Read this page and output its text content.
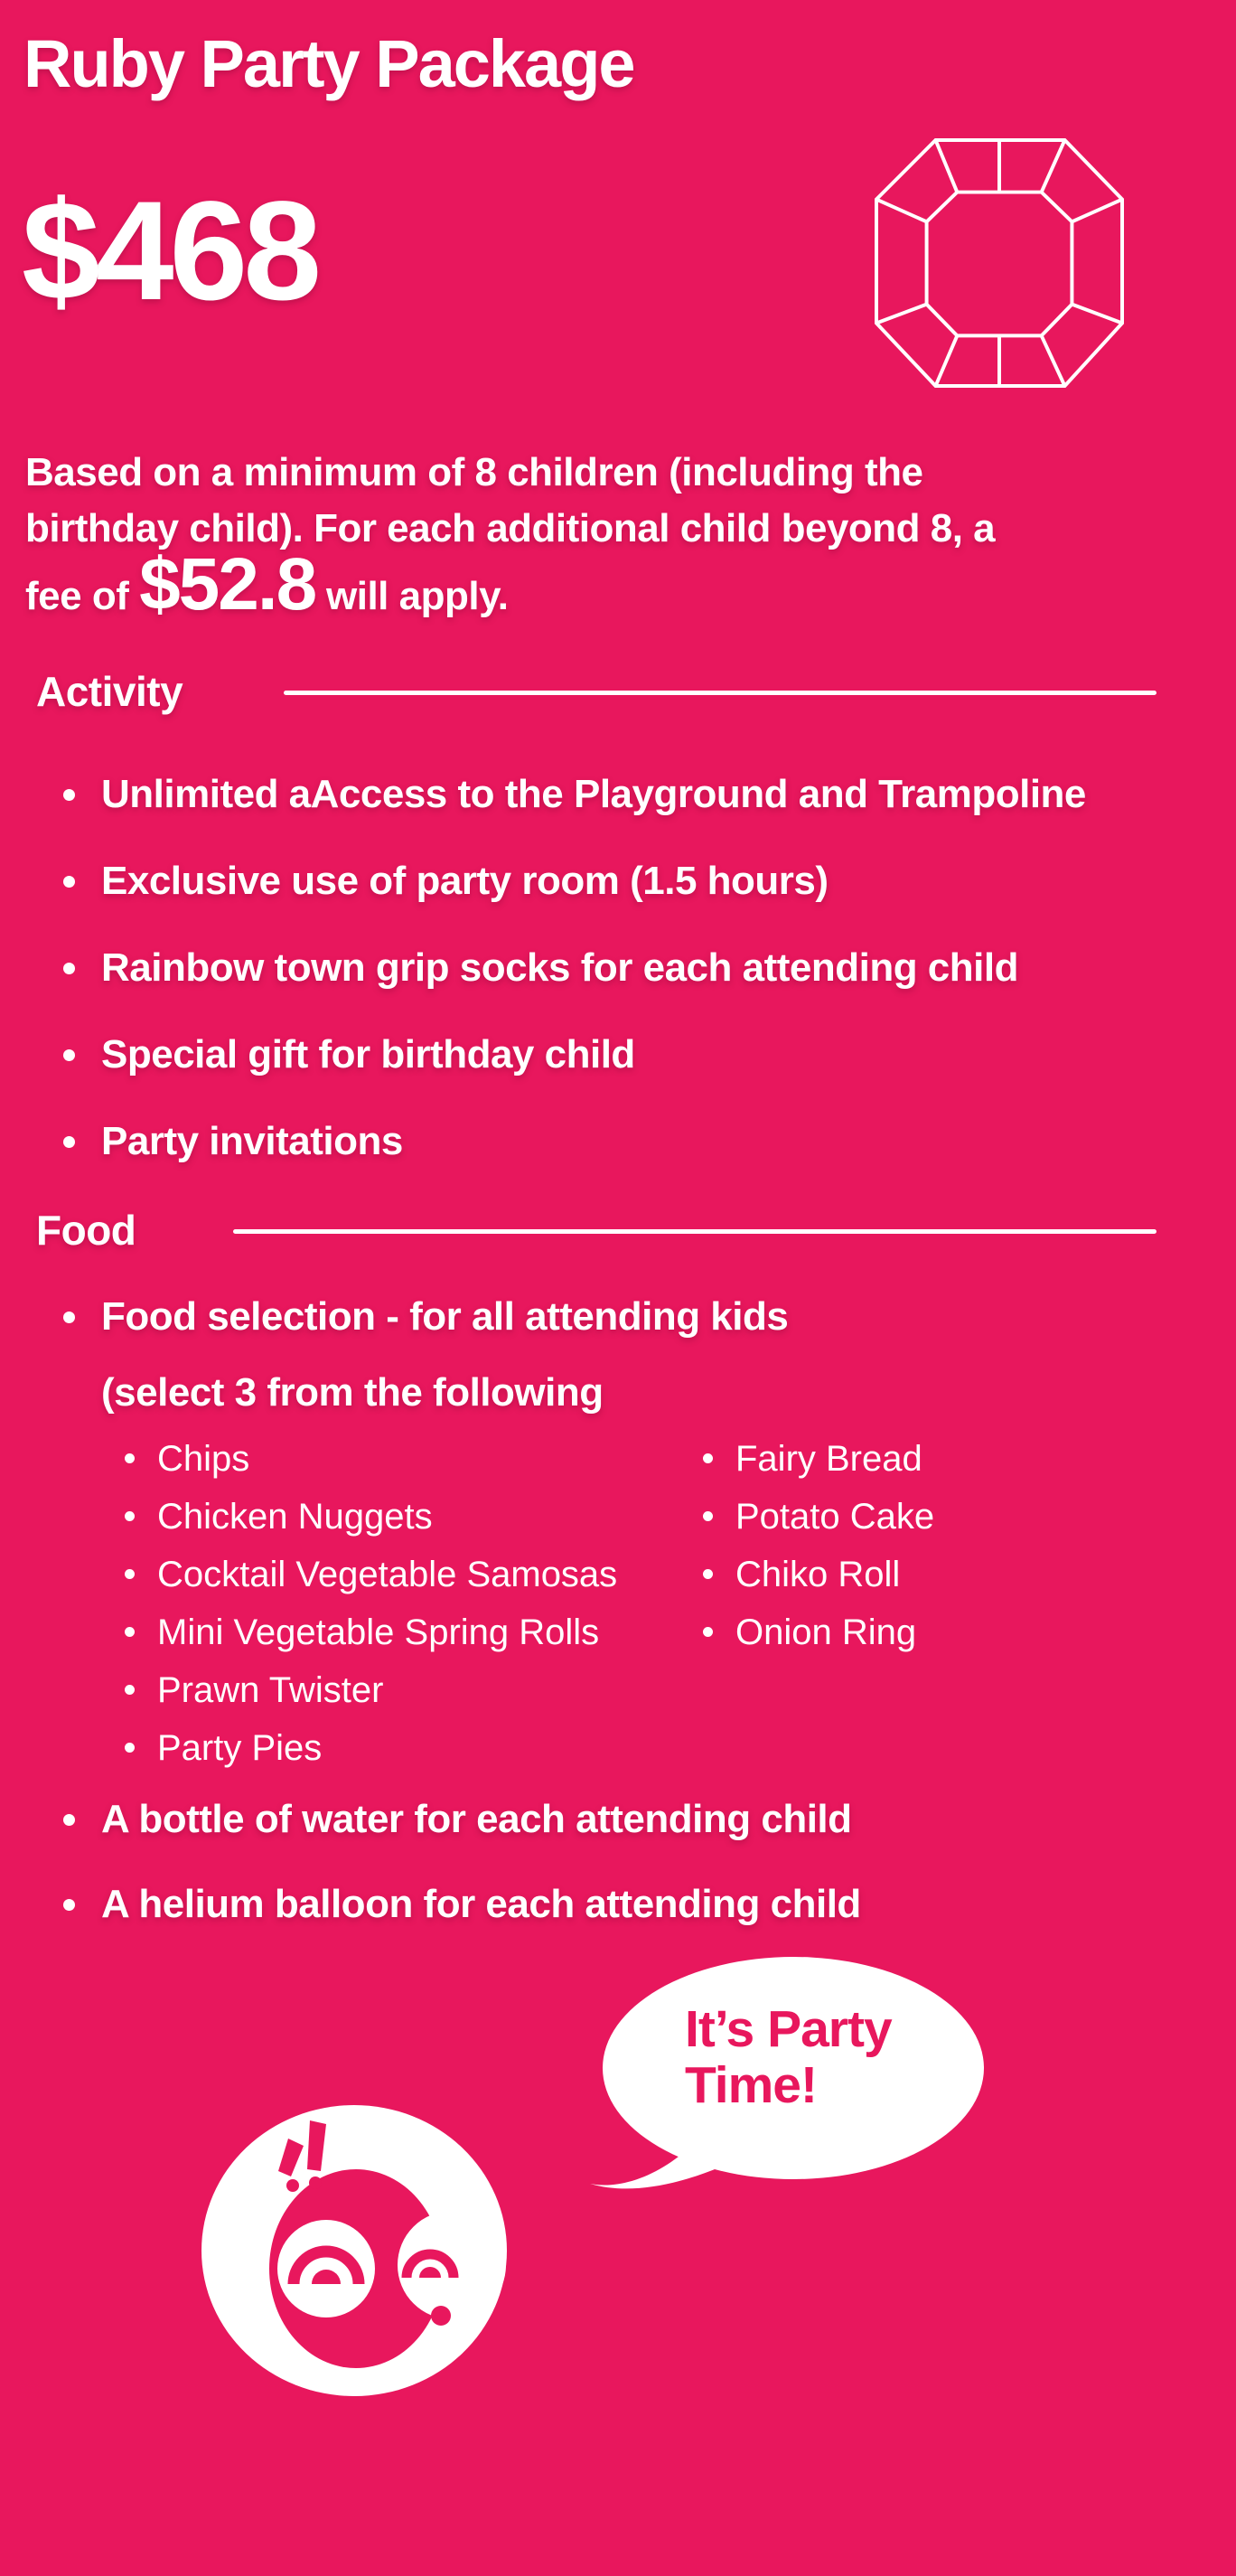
Ruby Party Package
$468

Based on a minimum of 8 children (including the
birthday child). For each additional child beyond 8, a
fee of $52.8 will apply.

Activity
Unlimited aAccess to the Playground and Trampoline
Exclusive use of party room (1.5 hours)
Rainbow town grip socks for each attending child
Special gift for birthday child
Party invitations
Food
Food selection - for all attending kids
(select 3 from the following
Chips
Chicken Nuggets
Cocktail Vegetable Samosas
Mini Vegetable Spring Rolls
Prawn Twister
Party Pies
Fairy Bread
Potato Cake
Chiko Roll
Onion Ring
A bottle of water for each attending child
A helium balloon for each attending child
It’s Party Time!
